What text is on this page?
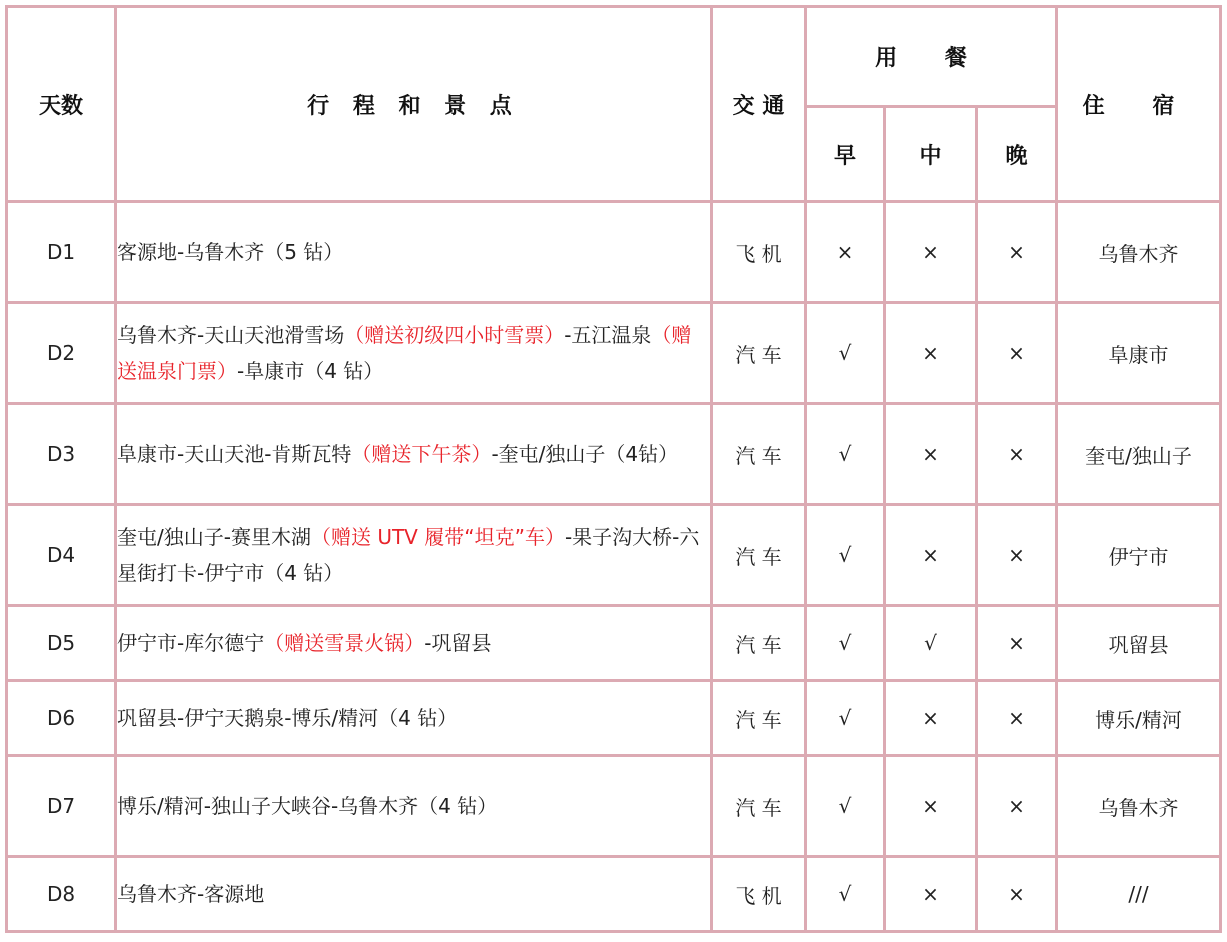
天数	行 程 和 景 点	交 通	用 餐			住 宿
			早	中	晚	
D1	客源地-乌鲁木齐（5 钻）	飞 机	×	×	×	乌鲁木齐
D2	乌鲁木齐-天山天池滑雪场（赠送初级四小时雪票）-五江温泉（赠送温泉门票）-阜康市（4 钻）	汽 车	√	×	×	阜康市
D3	阜康市-天山天池-肯斯瓦特（赠送下午茶）-奎屯/独山子（4钻）	汽 车	√	×	×	奎屯/独山子
D4	奎屯/独山子-赛里木湖（赠送 UTV 履带“坦克”车）-果子沟大桥-六星街打卡-伊宁市（4 钻）	汽 车	√	×	×	伊宁市
D5	伊宁市-库尔德宁（赠送雪景火锅）-巩留县	汽 车	√	√	×	巩留县
D6	巩留县-伊宁天鹅泉-博乐/精河（4 钻）	汽 车	√	×	×	博乐/精河
D7	博乐/精河-独山子大峡谷-乌鲁木齐（4 钻）	汽 车	√	×	×	乌鲁木齐
D8	乌鲁木齐-客源地	飞 机	√	×	×	///
